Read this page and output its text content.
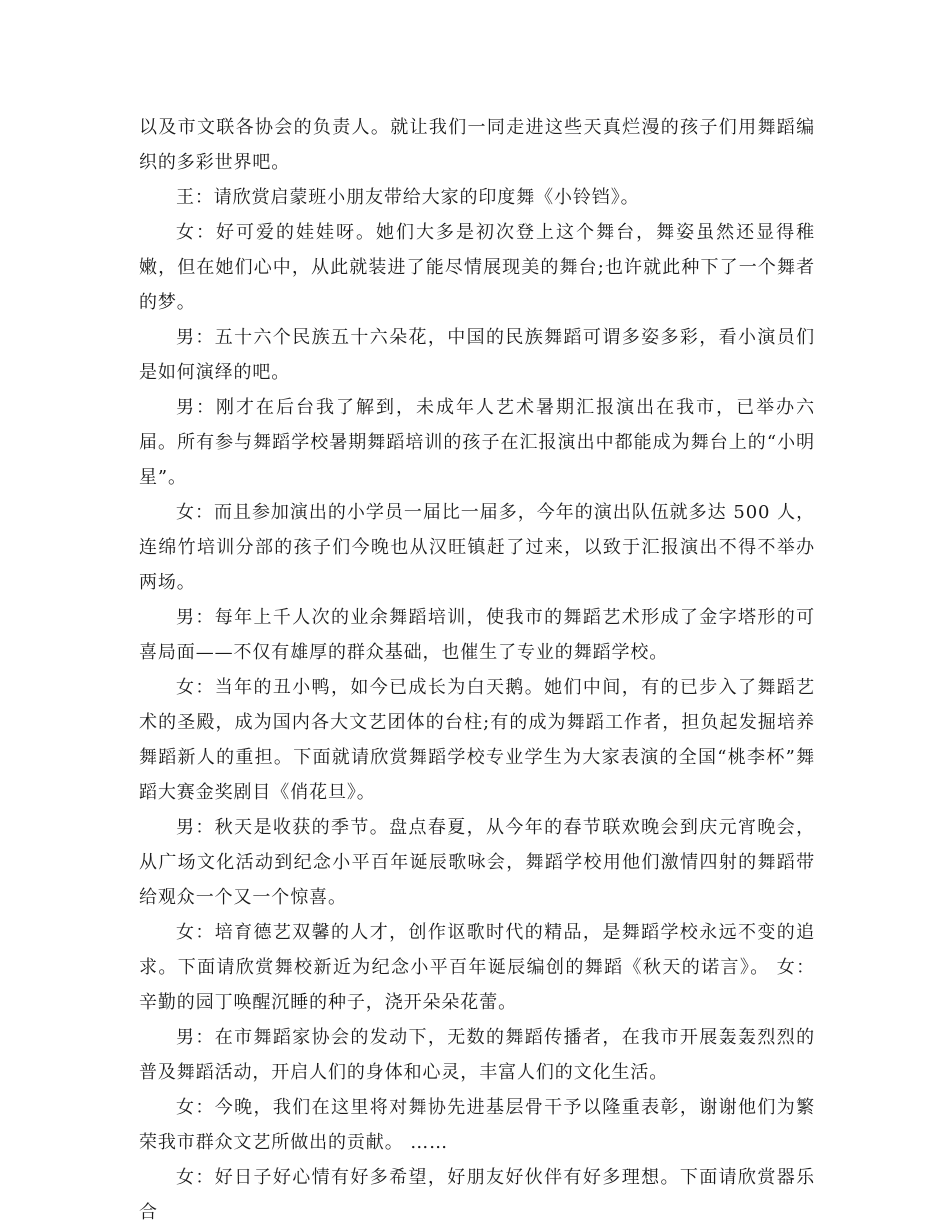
以及市文联各协会的负责人。就让我们一同走进这些天真烂漫的孩子们用舞蹈编织的多彩世界吧。

王：请欣赏启蒙班小朋友带给大家的印度舞《小铃铛》。

女：好可爱的娃娃呀。她们大多是初次登上这个舞台，舞姿虽然还显得稚嫩，但在她们心中，从此就装进了能尽情展现美的舞台;也许就此种下了一个舞者的梦。

男：五十六个民族五十六朵花，中国的民族舞蹈可谓多姿多彩，看小演员们是如何演绎的吧。

男：刚才在后台我了解到，未成年人艺术暑期汇报演出在我市，已举办六届。所有参与舞蹈学校暑期舞蹈培训的孩子在汇报演出中都能成为舞台上的“小明星”。

女：而且参加演出的小学员一届比一届多，今年的演出队伍就多达 500 人，连绵竹培训分部的孩子们今晚也从汉旺镇赶了过来，以致于汇报演出不得不举办两场。

男：每年上千人次的业余舞蹈培训，使我市的舞蹈艺术形成了金字塔形的可喜局面——不仅有雄厚的群众基础，也催生了专业的舞蹈学校。

女：当年的丑小鸭，如今已成长为白天鹅。她们中间，有的已步入了舞蹈艺术的圣殿，成为国内各大文艺团体的台柱;有的成为舞蹈工作者，担负起发掘培养舞蹈新人的重担。下面就请欣赏舞蹈学校专业学生为大家表演的全国“桃李杯”舞蹈大赛金奖剧目《俏花旦》。

男：秋天是收获的季节。盘点春夏，从今年的春节联欢晚会到庆元宵晚会，从广场文化活动到纪念小平百年诞辰歌咏会，舞蹈学校用他们激情四射的舞蹈带给观众一个又一个惊喜。

女：培育德艺双馨的人才，创作讴歌时代的精品，是舞蹈学校永远不变的追求。下面请欣赏舞校新近为纪念小平百年诞辰编创的舞蹈《秋天的诺言》。 女：辛勤的园丁唤醒沉睡的种子，浇开朵朵花蕾。

男：在市舞蹈家协会的发动下，无数的舞蹈传播者，在我市开展轰轰烈烈的普及舞蹈活动，开启人们的身体和心灵，丰富人们的文化生活。

女：今晚，我们在这里将对舞协先进基层骨干予以隆重表彰，谢谢他们为繁荣我市群众文艺所做出的贡献。 ……

女：好日子好心情有好多希望，好朋友好伙伴有好多理想。下面请欣赏器乐合
